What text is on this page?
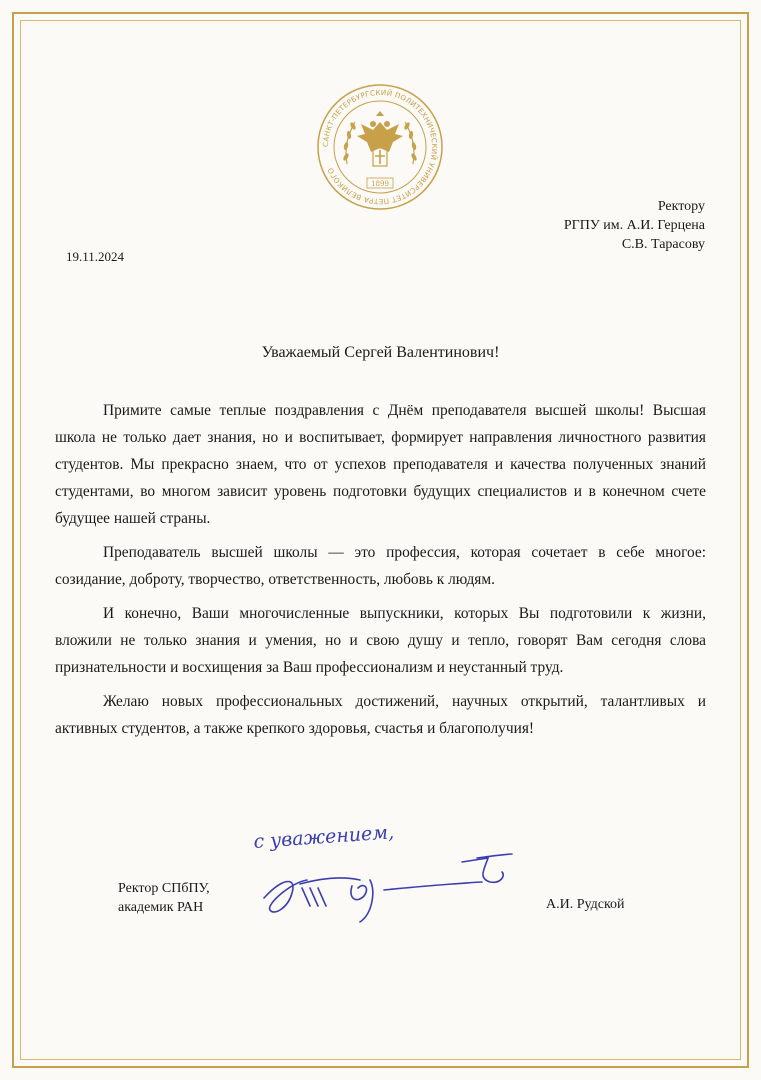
САНКТ-ПЕТЕРБУРГСКИЙ ПОЛИТЕХНИЧЕСКИЙ УНИВЕРСИТЕТ ПЕТРА ВЕЛИКОГО
1899
Ректору
РГПУ им. А.И. Герцена
С.В. Тарасову
19.11.2024
Уважаемый Сергей Валентинович!

Примите самые теплые поздравления с Днём преподавателя высшей школы! Высшая школа не только дает знания, но и воспитывает, формирует направления личностного развития студентов. Мы прекрасно знаем, что от успехов преподавателя и качества полученных знаний студентами, во многом зависит уровень подготовки будущих специалистов и в конечном счете будущее нашей страны.

Преподаватель высшей школы — это профессия, которая сочетает в себе многое: созидание, доброту, творчество, ответственность, любовь к людям.

И конечно, Ваши многочисленные выпускники, которых Вы подготовили к жизни, вложили не только знания и умения, но и свою душу и тепло, говорят Вам сегодня слова признательности и восхищения за Ваш профессионализм и неустанный труд.

Желаю новых профессиональных достижений, научных открытий, талантливых и активных студентов, а также крепкого здоровья, счастья и благополучия!

Ректор СПбПУ,
академик РАН
с уважением,
А.И. Рудской
